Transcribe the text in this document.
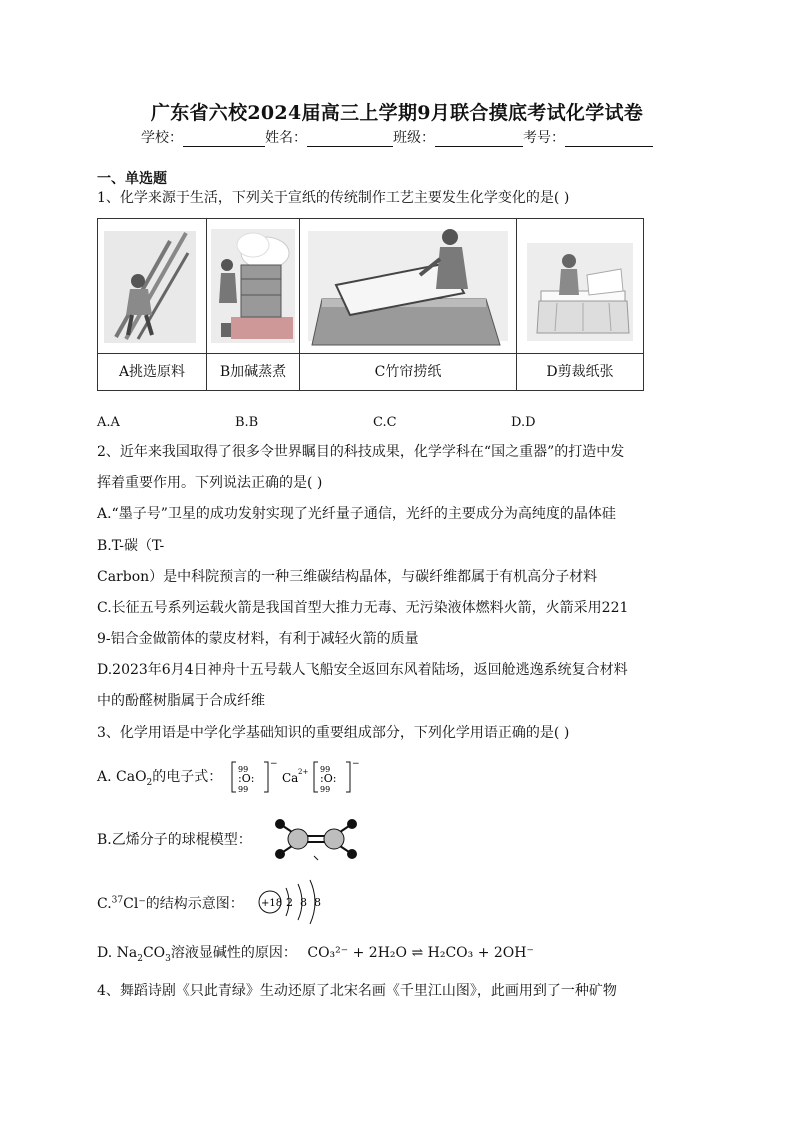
广东省六校2024届高三上学期9月联合摸底考试化学试卷
学校：	姓名：	班级：	考号：
一、单选题
1、化学来源于生活，下列关于宣纸的传统制作工艺主要发生化学变化的是( )

A挑选原料	B加碱蒸煮	C竹帘捞纸	D剪裁纸张
A.A	B.B	C.C	D.D
2、近年来我国取得了很多令世界瞩目的科技成果，化学学科在“国之重器”的打造中发
挥着重要作用。下列说法正确的是( )
A.“墨子号”卫星的成功发射实现了光纤量子通信，光纤的主要成分为高纯度的晶体硅
B.T-碳（T-
Carbon）是中科院预言的一种三维碳结构晶体，与碳纤维都属于有机高分子材料
C.长征五号系列运载火箭是我国首型大推力无毒、无污染液体燃料火箭，火箭采用221
9-铝合金做箭体的蒙皮材料，有利于减轻火箭的质量
D.2023年6月4日神舟十五号载人飞船安全返回东风着陆场，返回舱逃逸系统复合材料
中的酚醛树脂属于合成纤维
3、化学用语是中学化学基础知识的重要组成部分，下列化学用语正确的是( )
A. CaO$_2$的电子式： 99
:O:
99
−
Ca 2+ 99
:O:
99
−
B.乙烯分子的球棍模型：
C.$^{37}$Cl⁻的结构示意图： +18 2 8 8
D. $Na_2CO_3$溶液显碱性的原因： CO₃²⁻ + 2H₂O ⇌ H₂CO₃ + 2OH⁻
4、舞蹈诗剧《只此青绿》生动还原了北宋名画《千里江山图》，此画用到了一种矿物
